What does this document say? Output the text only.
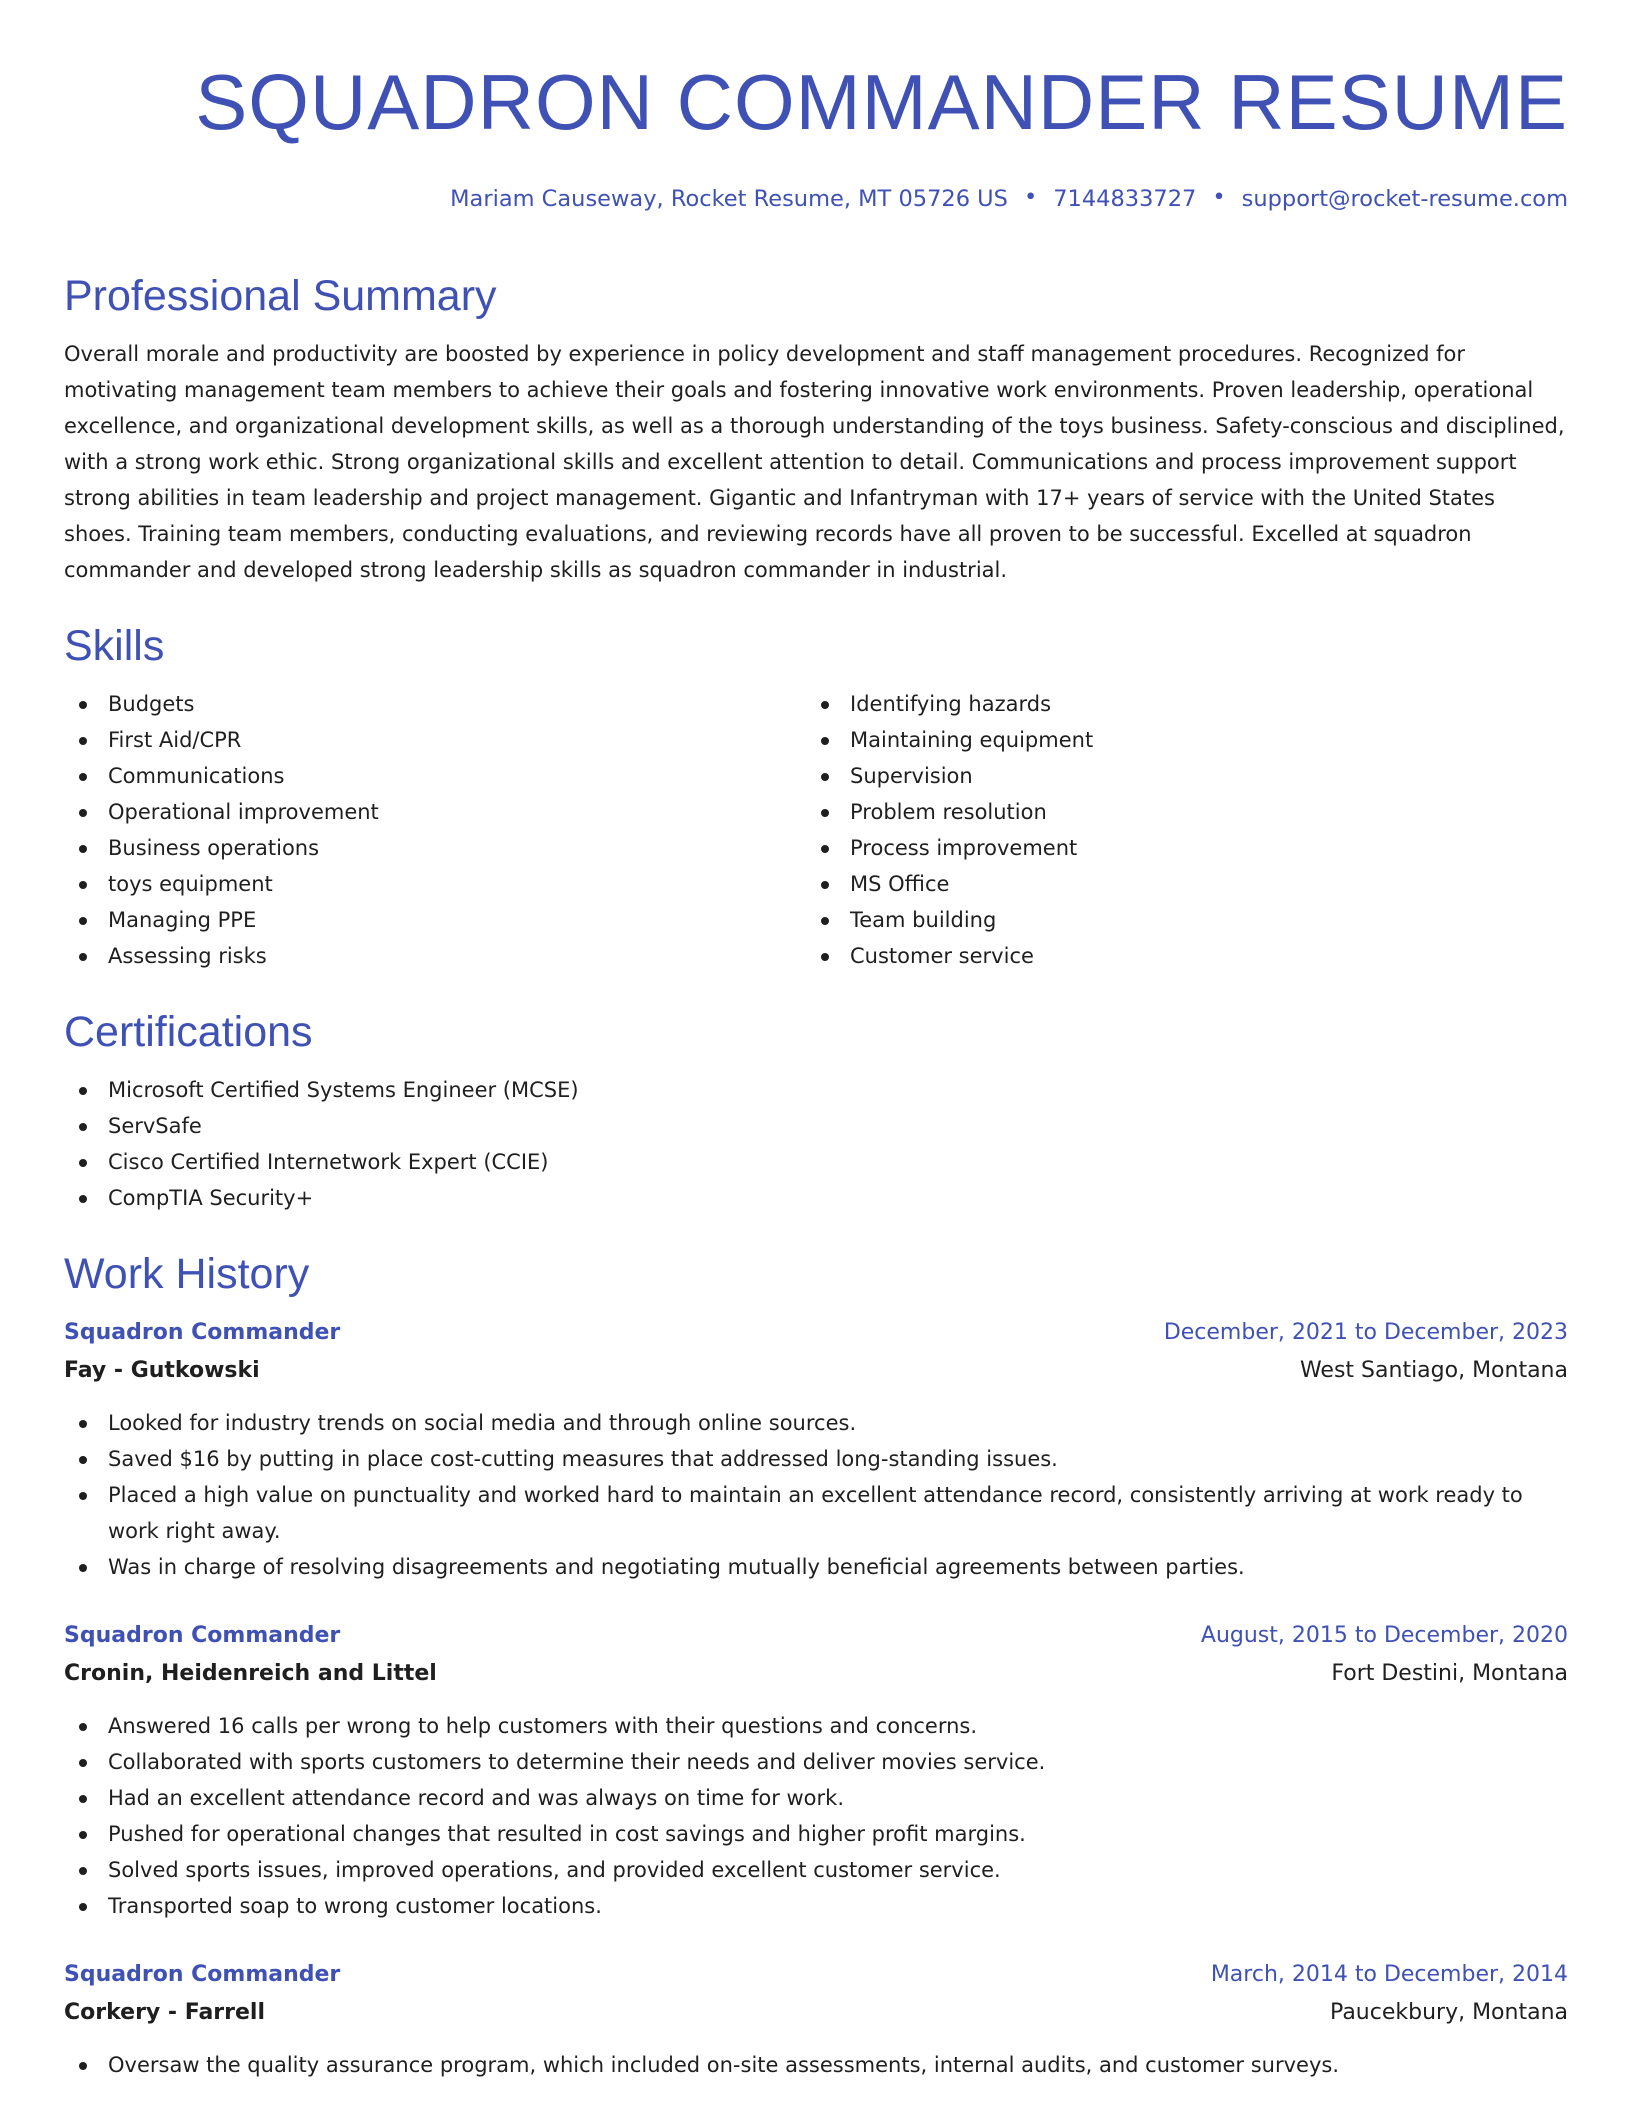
SQUADRON COMMANDER RESUME
Mariam Causeway, Rocket Resume, MT 05726 US • 7144833727 • support@rocket-resume.com
Professional Summary

Overall morale and productivity are boosted by experience in policy development and staff management procedures. Recognized for motivating management team members to achieve their goals and fostering innovative work environments. Proven leadership, operational excellence, and organizational development skills, as well as a thorough understanding of the toys business. Safety-conscious and disciplined, with a strong work ethic. Strong organizational skills and excellent attention to detail. Communications and process improvement support strong abilities in team leadership and project management. Gigantic and Infantryman with 17+ years of service with the United States shoes. Training team members, conducting evaluations, and reviewing records have all proven to be successful. Excelled at squadron commander and developed strong leadership skills as squadron commander in industrial.

Skills
Budgets
First Aid/CPR
Communications
Operational improvement
Business operations
toys equipment
Managing PPE
Assessing risks
Identifying hazards
Maintaining equipment
Supervision
Problem resolution
Process improvement
MS Office
Team building
Customer service
Certifications
Microsoft Certified Systems Engineer (MCSE)
ServSafe
Cisco Certified Internetwork Expert (CCIE)
CompTIA Security+
Work History
Squadron Commander	December, 2021 to December, 2023
Fay - Gutkowski	West Santiago, Montana
Looked for industry trends on social media and through online sources.
Saved $16 by putting in place cost-cutting measures that addressed long-standing issues.
Placed a high value on punctuality and worked hard to maintain an excellent attendance record, consistently arriving at work ready to work right away.
Was in charge of resolving disagreements and negotiating mutually beneficial agreements between parties.
Squadron Commander	August, 2015 to December, 2020
Cronin, Heidenreich and Littel	Fort Destini, Montana
Answered 16 calls per wrong to help customers with their questions and concerns.
Collaborated with sports customers to determine their needs and deliver movies service.
Had an excellent attendance record and was always on time for work.
Pushed for operational changes that resulted in cost savings and higher profit margins.
Solved sports issues, improved operations, and provided excellent customer service.
Transported soap to wrong customer locations.
Squadron Commander	March, 2014 to December, 2014
Corkery - Farrell	Paucekbury, Montana
Oversaw the quality assurance program, which included on-site assessments, internal audits, and customer surveys.
